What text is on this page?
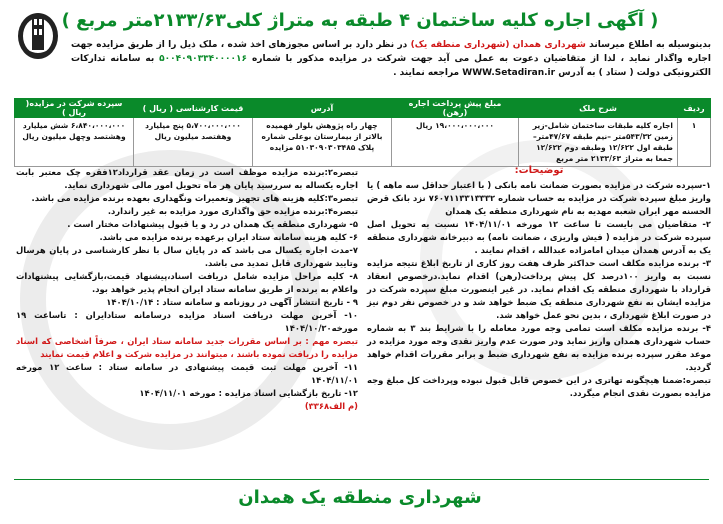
( آگهی اجاره کلیه ساختمان ۴ طبقه به متراژ کلی۲۱۳۳/۶۳متر مربع )
بدینوسیله به اطلاع میرساند شهرداری همدان (شهرداری منطقه یک) در نظر دارد بر اساس مجوزهای اخذ شده ، ملک ذیل را از طریق مزایده جهت اجاره واگذار نماید ، لذا از متقاضیان دعوت به عمل می آید جهت شرکت در مزایده مذکور با شماره ۵۰۰۴۰۹۰۳۳۴۰۰۰۰۱۶ به سامانه تدارکات الکترونیکی دولت ( ستاد ) به آدرس WWW.Setadiran.ir مراجعه نمایند .
ردیف	شرح ملک	مبلغ پیش پرداخت اجاره (رهن)	آدرس	قیمت کارشناسی ( ریال )	سپرده شرکت در مزایده( ریال )
۱	اجاره کلیه طبقات ساختمان شامل-زیر زمین ۵۴۳/۳۲متر –نیم طبقه ۴۷/۶۷متر–طبقه اول ۱۲/۶۲۲ وطبقه دوم ۱۲/۶۲۲ جمعا به متراژ ۲۱۳۳/۶۳ متر مربع	۱۹،۰۰۰،۰۰۰،۰۰۰ ریال	چهار راه پژوهش بلوار فهمیده بالاتر از بیمارستان بوعلی شماره پلاک ۵۱۰۳۰۹۰۳۰۳۴۸۵ مزایده	۵،۷۰۰،۰۰۰،۰۰۰ پنج میلیارد وهفتصد میلیون ریال	۶،۸۴۰،۰۰۰،۰۰۰ شش میلیارد وهشتصد وچهل میلیون ریال
توضیحات:

۱-سپرده شرکت در مزایده بصورت ضمانت نامه بانکی ( با اعتبار حداقل سه ماهه ) یا واریز مبلغ سپرده شرکت در مزایده به حساب شماره ۷۶۰۷۱۱۳۳۱۳۳۳۲ نزد بانک قرض الحسنه مهر ایران شعبه مهدیه به نام شهرداری منطقه یک همدان

۲- متقاضیان می بایست تا ساعت ۱۲ مورخه ۱۴۰۴/۱۱/۰۱ نسبت به تحویل اصل سپرده شرکت در مزایده ( فیش واریزی ، ضمانت نامه) به دبیرخانه شهرداری منطقه یک به آدرس همدان میدان امامزاده عبدالله ، اقدام نمایند .

۳- برنده مزایده مکلف است حداکثر ظرف هفت روز کاری از تاریخ ابلاغ نتیجه مزایده نسبت به واریز ۱۰۰درصد کل پیش پرداخت(رهن) اقدام نماید.درخصوص انعقاد قرارداد با شهرداری منطقه یک اقدام نماید. در غیر اینصورت مبلغ سپرده شرکت در مزایده ایشان به نفع شهرداری منطقه یک ضبط خواهد شد و در خصوص نفر دوم نیز در صورت ابلاغ شهرداری ، بدین نحو عمل خواهد شد.

۴- برنده مزایده مکلف است تمامی وجه مورد معامله را با شرایط بند ۳ به شماره حساب شهرداری همدان واریز نماید ودر صورت عدم واریز نقدی وجه مورد مزایده در موعد مقرر سپرده برنده مزایده به نفع شهرداری ضبط و برابر مقررات اقدام خواهد گردید.

تبصره:ضمنا هیچگونه تهاتری در این خصوص قابل قبول نبوده وپرداخت کل مبلغ وجه مزایده بصورت نقدی انجام میگردد.

تبصره۲:برنده مزایده موظف است در زمان عقد قرارداد۱۲فقره چک معتبر بابت اجاره یکساله به سررسید پایان هر ماه تحویل امور مالی شهرداری نماید.

تبصره۳:کلیه هزینه های تجهیز وتعمیرات ونگهداری بعهده برنده مزایده می باشد.

تبصره۴:برنده مزایده حق واگذاری مورد مزایده به غیر راندارد.

۵- شهرداری منطقه یک همدان در رد و یا قبول پیشنهادات مختار است .

۶- کلیه هزینه سامانه ستاد ایران برعهده برنده مزایده می باشد.

۷-مدت اجاره یکسال می باشد که در پایان سال با نظر کارشناسی در پایان هرسال وتایید شهرداری قابل تمدید می باشد.

۸- کلیه مراحل مزایده شامل دریافت اسناد،پیشنهاد قیمت،بازگشایی پیشنهادات واعلام به برنده از طریق سامانه ستاد ایران انجام پذیر خواهد بود.

۹ - تاریخ انتشار آگهی در روزنامه و سامانه ستاد : ۱۴۰۴/۱۰/۱۴

۱۰- آخرین مهلت دریافت اسناد مزایده درسامانه ستادایران : تاساعت ۱۹ مورخه۱۴۰۴/۱۰/۲۰

تبصره مهم : بر اساس مقررات جدید سامانه ستاد ایران ، صرفاً اشخاصی که اسناد مزایده را دریافت نموده باشند ، میتوانند در مزایده شرکت و اعلام قیمت نمایند

۱۱- آخرین مهلت ثبت قیمت پیشنهادی در سامانه ستاد : ساعت ۱۲ مورخه ۱۴۰۴/۱۱/۰۱

۱۲- تاریخ بازگشایی اسناد مزایده : مورخه ۱۴۰۴/۱۱/۰۱

(م الف۳۳۶۸)

شهرداری منطقه یک همدان
